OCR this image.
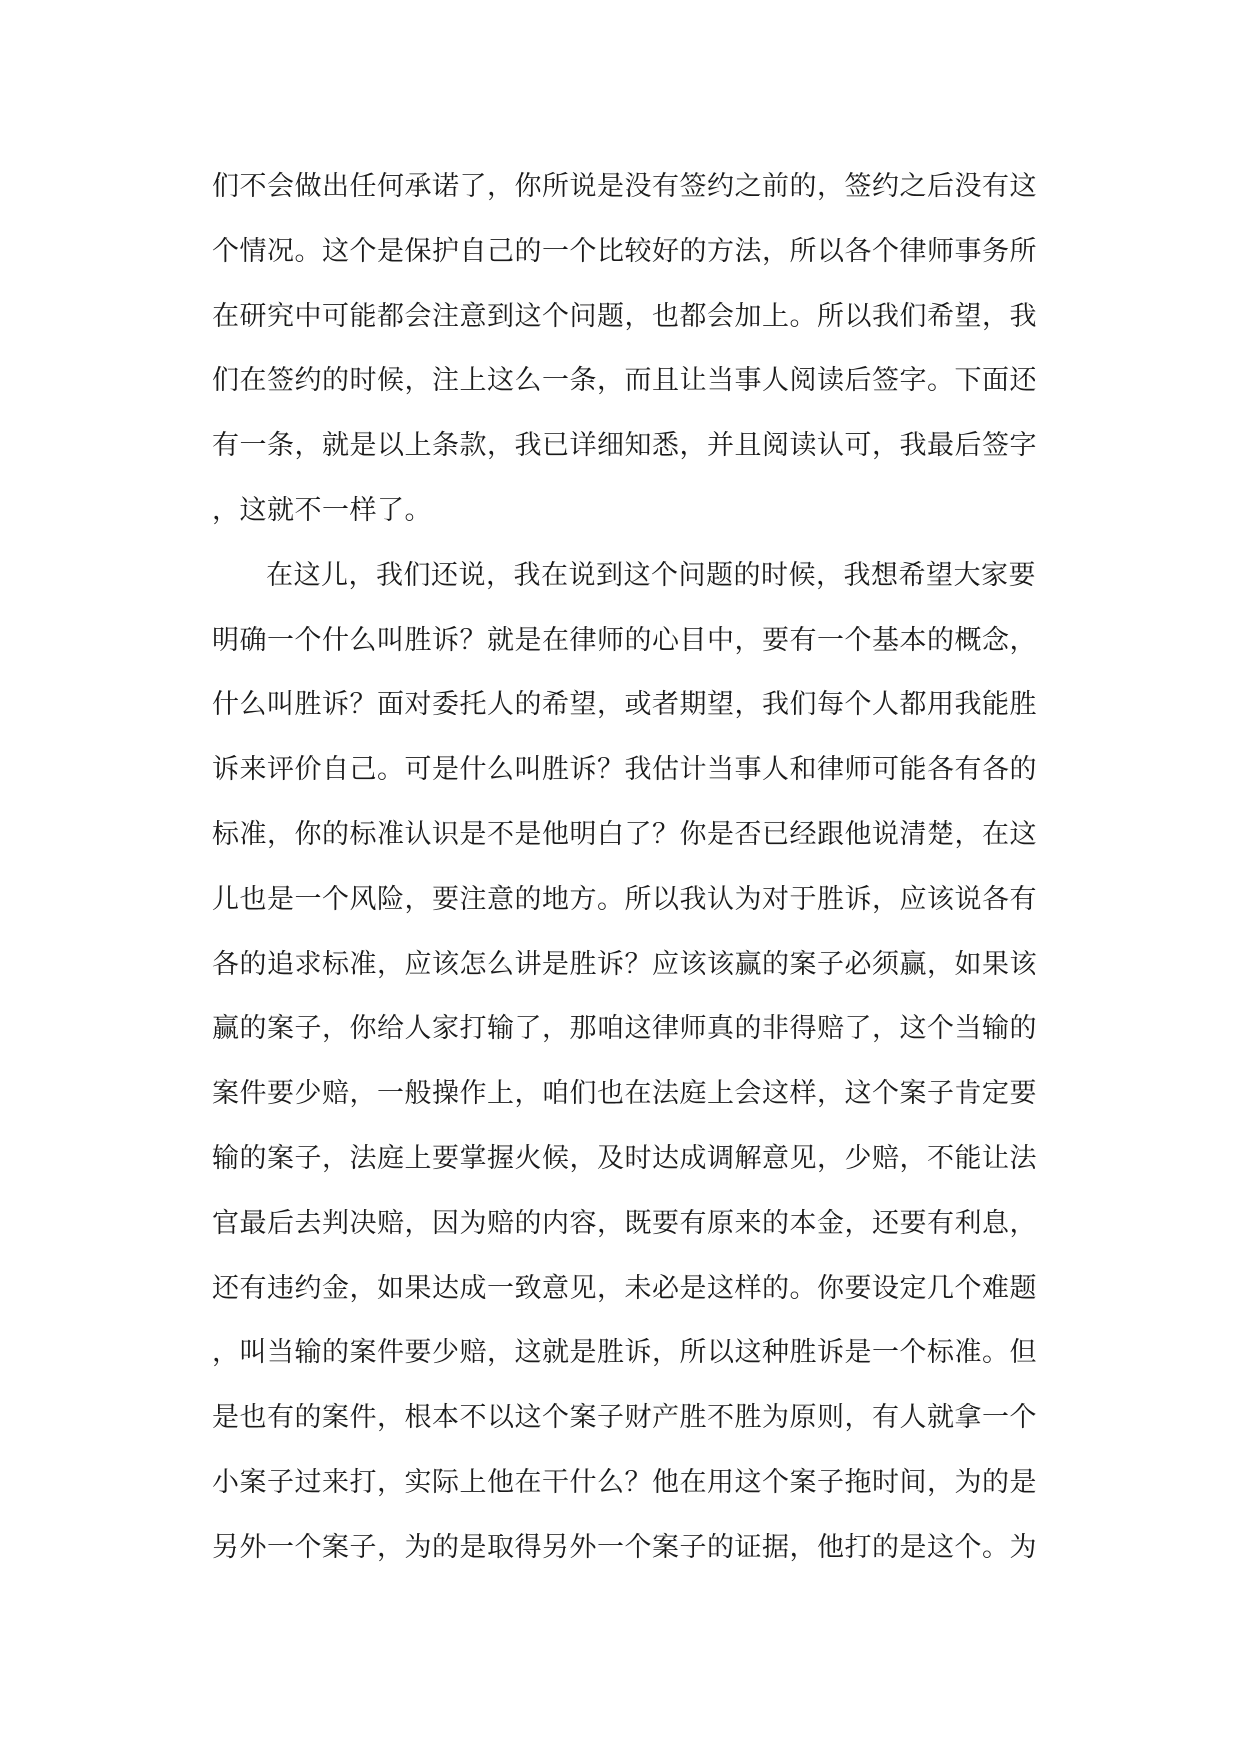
们不会做出任何承诺了，你所说是没有签约之前的，签约之后没有这
个情况。这个是保护自己的一个比较好的方法，所以各个律师事务所
在研究中可能都会注意到这个问题，也都会加上。所以我们希望，我
们在签约的时候，注上这么一条，而且让当事人阅读后签字。下面还
有一条，就是以上条款，我已详细知悉，并且阅读认可，我最后签字
，这就不一样了。
在这儿，我们还说，我在说到这个问题的时候，我想希望大家要
明确一个什么叫胜诉？就是在律师的心目中，要有一个基本的概念，
什么叫胜诉？面对委托人的希望，或者期望，我们每个人都用我能胜
诉来评价自己。可是什么叫胜诉？我估计当事人和律师可能各有各的
标准，你的标准认识是不是他明白了？你是否已经跟他说清楚，在这
儿也是一个风险，要注意的地方。所以我认为对于胜诉，应该说各有
各的追求标准，应该怎么讲是胜诉？应该该赢的案子必须赢，如果该
赢的案子，你给人家打输了，那咱这律师真的非得赔了，这个当输的
案件要少赔，一般操作上，咱们也在法庭上会这样，这个案子肯定要
输的案子，法庭上要掌握火候，及时达成调解意见，少赔，不能让法
官最后去判决赔，因为赔的内容，既要有原来的本金，还要有利息，
还有违约金，如果达成一致意见，未必是这样的。你要设定几个难题
，叫当输的案件要少赔，这就是胜诉，所以这种胜诉是一个标准。但
是也有的案件，根本不以这个案子财产胜不胜为原则，有人就拿一个
小案子过来打，实际上他在干什么？他在用这个案子拖时间，为的是
另外一个案子，为的是取得另外一个案子的证据，他打的是这个。为
